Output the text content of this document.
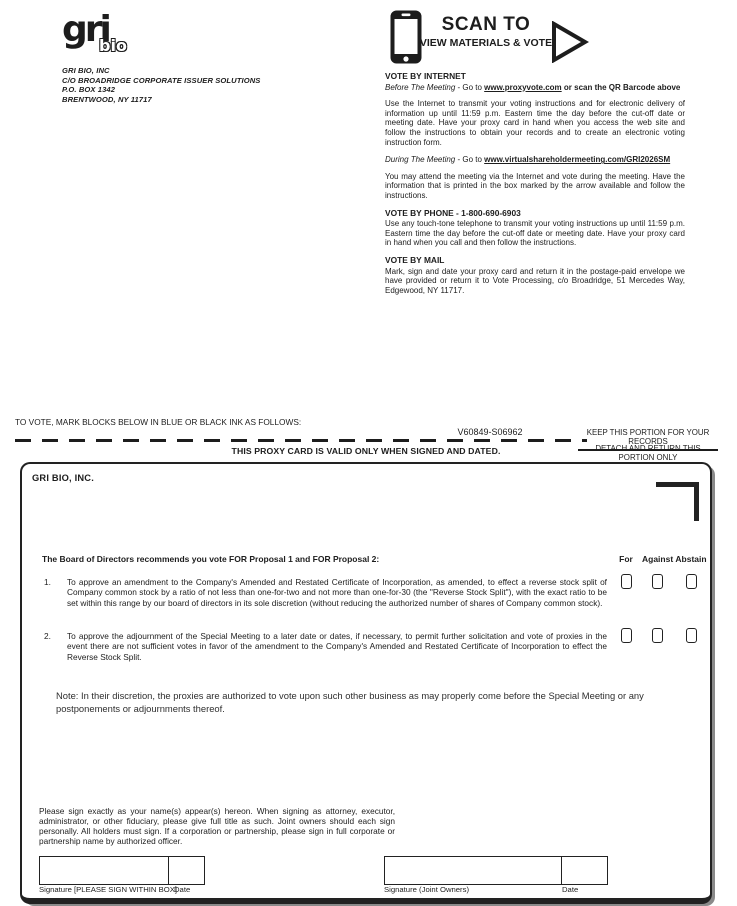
gri
bio
GRI BIO, INC
C/O BROADRIDGE CORPORATE ISSUER SOLUTIONS
P.O. BOX 1342
BRENTWOOD, NY 11717
SCAN TO
VIEW MATERIALS & VOTE
VOTE BY INTERNET
Before The Meeting - Go to www.proxyvote.com or scan the QR Barcode above
Use the Internet to transmit your voting instructions and for electronic delivery of information up until 11:59 p.m. Eastern time the day before the cut-off date or meeting date. Have your proxy card in hand when you access the web site and follow the instructions to obtain your records and to create an electronic voting instruction form.
During The Meeting - Go to www.virtualshareholdermeeting.com/GRI2026SM
You may attend the meeting via the Internet and vote during the meeting. Have the information that is printed in the box marked by the arrow available and follow the instructions.
VOTE BY PHONE - 1-800-690-6903
Use any touch-tone telephone to transmit your voting instructions up until 11:59 p.m. Eastern time the day before the cut-off date or meeting date. Have your proxy card in hand when you call and then follow the instructions.
VOTE BY MAIL
Mark, sign and date your proxy card and return it in the postage-paid envelope we have provided or return it to Vote Processing, c/o Broadridge, 51 Mercedes Way, Edgewood, NY 11717.
TO VOTE, MARK BLOCKS BELOW IN BLUE OR BLACK INK AS FOLLOWS:
V60849-S06962	KEEP THIS PORTION FOR YOUR RECORDS
DETACH AND RETURN THIS PORTION ONLY
THIS PROXY CARD IS VALID ONLY WHEN SIGNED AND DATED.
GRI BIO, INC.
The Board of Directors recommends you vote FOR Proposal 1 and FOR Proposal 2:	For	Against Abstain
1. To approve an amendment to the Company's Amended and Restated Certificate of Incorporation, as amended, to effect a reverse stock split of Company common stock by a ratio of not less than one-for-two and not more than one-for-30 (the "Reverse Stock Split"), with the exact ratio to be set within this range by our board of directors in its sole discretion (without reducing the authorized number of shares of Company common stock).
2. To approve the adjournment of the Special Meeting to a later date or dates, if necessary, to permit further solicitation and vote of proxies in the event there are not sufficient votes in favor of the amendment to the Company's Amended and Restated Certificate of Incorporation to effect the Reverse Stock Split.
Note: In their discretion, the proxies are authorized to vote upon such other business as may properly come before the Special Meeting or any postponements or adjournments thereof.
Please sign exactly as your name(s) appear(s) hereon. When signing as attorney, executor, administrator, or other fiduciary, please give full title as such. Joint owners should each sign personally. All holders must sign. If a corporation or partnership, please sign in full corporate or partnership name by authorized officer.
Signature [PLEASE SIGN WITHIN BOX]
Date	Signature (Joint Owners)	Date
